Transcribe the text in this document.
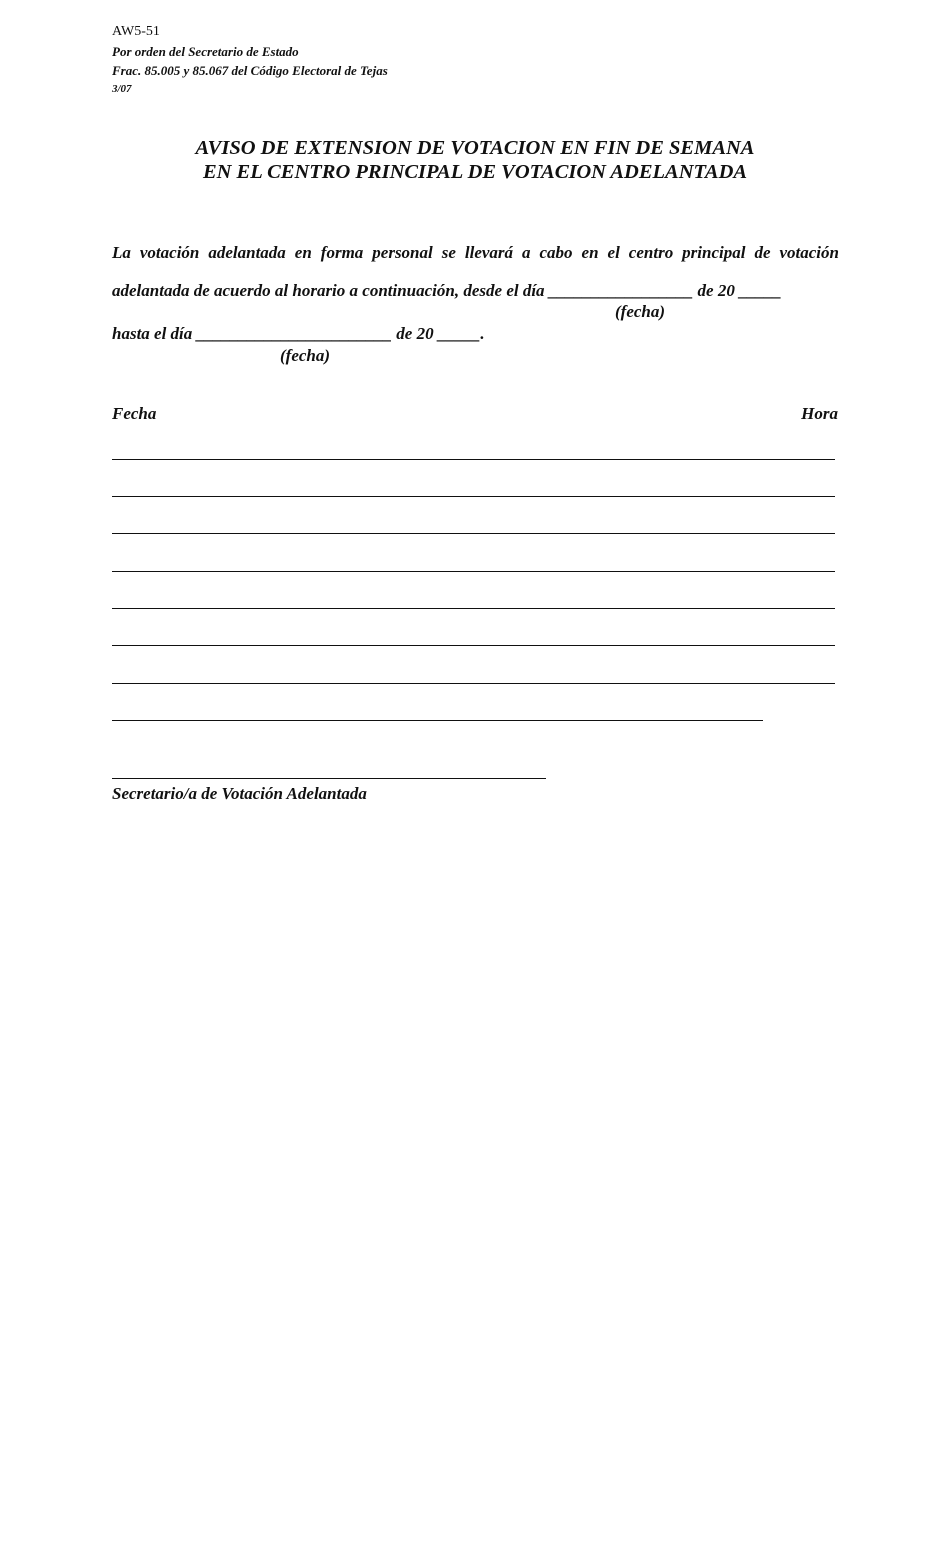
AW5-51
Por orden del Secretario de Estado
Frac. 85.005 y 85.067 del Código Electoral de Tejas
3/07
AVISO DE EXTENSION DE VOTACION EN FIN DE SEMANA
EN EL CENTRO PRINCIPAL DE VOTACION ADELANTADA
La votación adelantada en forma personal se llevará a cabo en el centro principal de votación
adelantada de acuerdo al horario a continuación, desde el día _________________ de 20 _____
(fecha)
hasta el día _______________________ de 20 _____.
(fecha)
Fecha	Hora
Secretario/a de Votación Adelantada
